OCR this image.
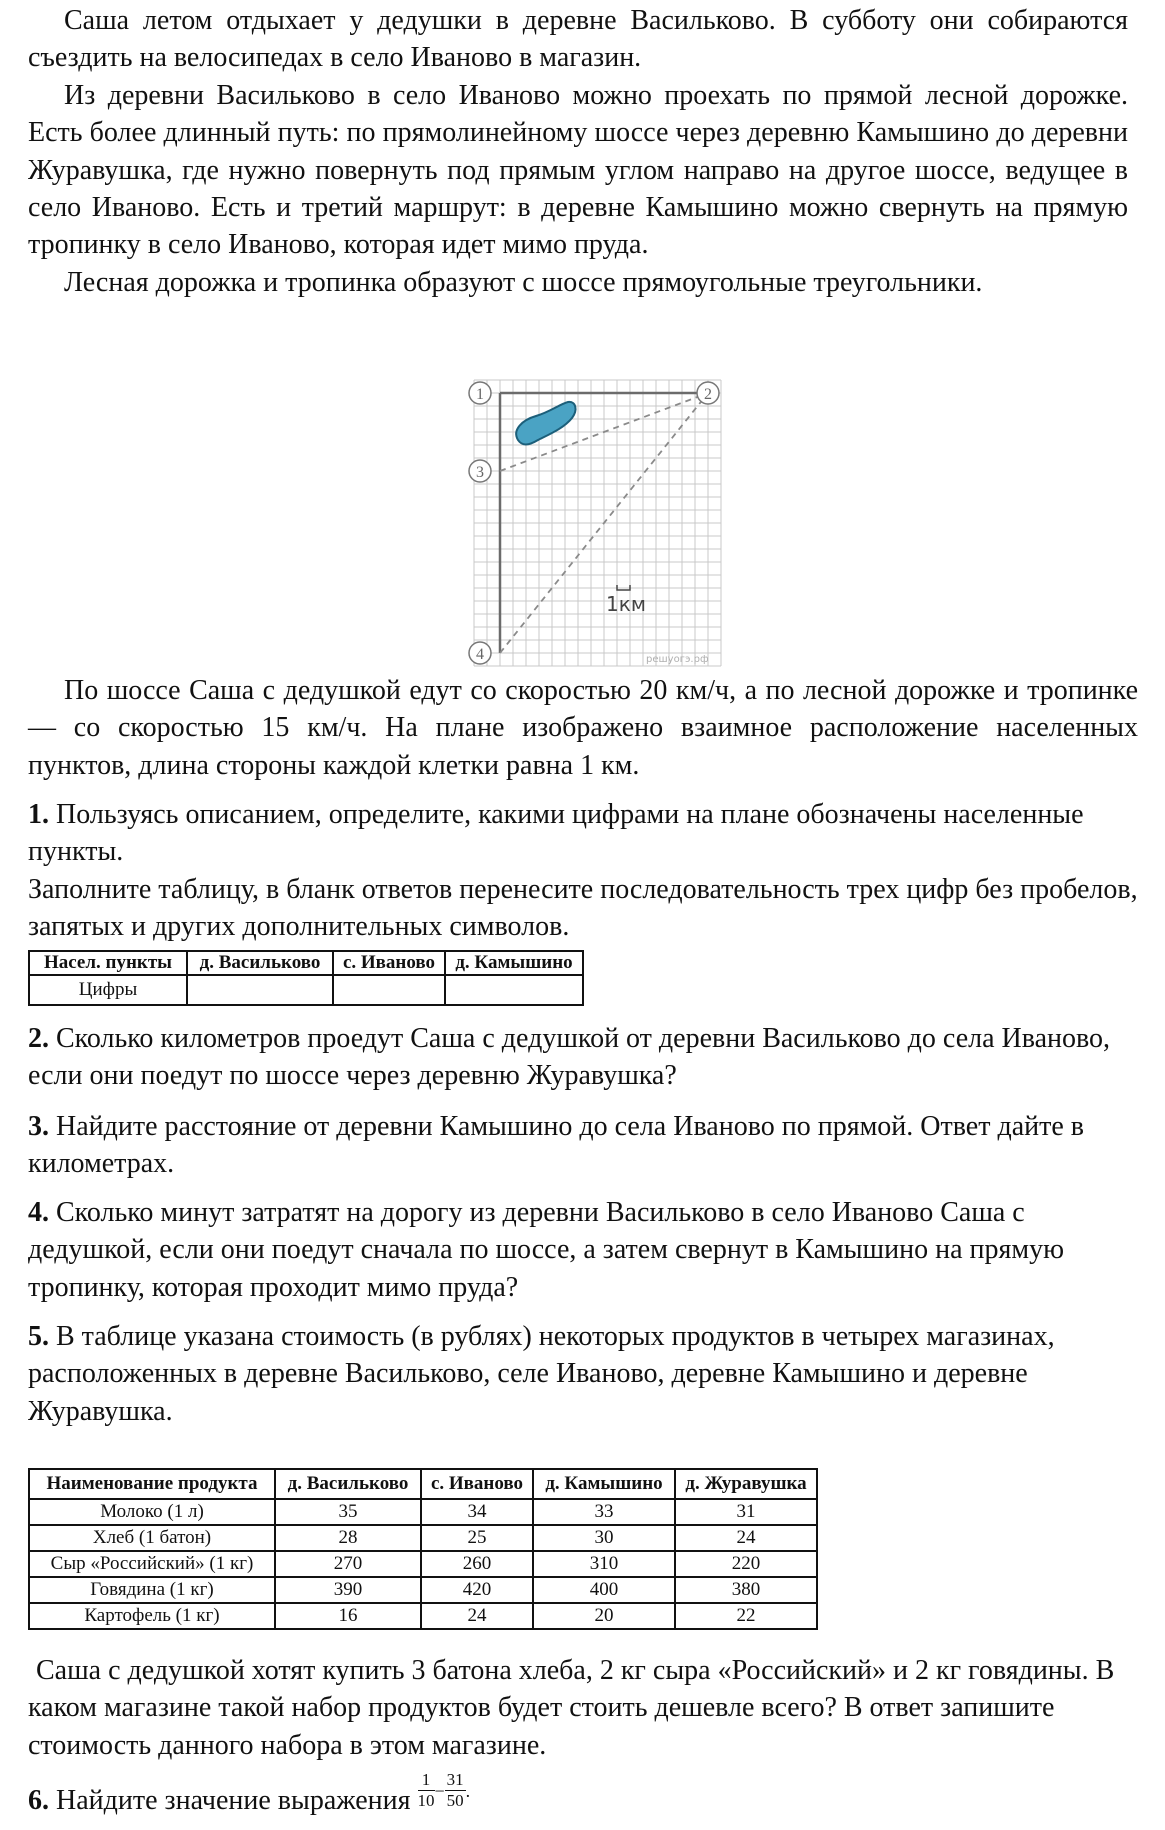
Саша летом отдыхает у дедушки в деревне Васильково. В субботу они собираются съездить на велосипедах в село Иваново в магазин.

Из деревни Васильково в село Иваново можно проехать по прямой лесной дорожке. Есть более длинный путь: по прямолинейному шоссе через деревню Камышино до деревни Журавушка, где нужно повернуть под прямым углом направо на другое шоссе, ведущее в село Иваново. Есть и третий маршрут: в деревне Камышино можно свернуть на прямую тропинку в село Иваново, которая идет мимо пруда.

Лесная дорожка и тропинка образуют с шоссе прямоугольные треугольники.

1	2
3
4
1км
решуогэ.рф

По шоссе Саша с дедушкой едут со скоростью 20 км/ч, а по лесной дорожке и тропинке — со скоростью 15 км/ч. На плане изображено взаимное расположение населенных пунктов, длина стороны каждой клетки равна 1 км.

1. Пользуясь описанием, определите, какими цифрами на плане обозначены населенные пункты.

Заполните таблицу, в бланк ответов перенесите последовательность трех цифр без пробелов, запятых и других дополнительных символов.

Насел. пункты	д. Васильково	с. Иваново	д. Камышино
Цифры			

2. Сколько километров проедут Саша с дедушкой от деревни Васильково до села Иваново, если они поедут по шоссе через деревню Журавушка?

3. Найдите расстояние от деревни Камышино до села Иваново по прямой. Ответ дайте в километрах.

4. Сколько минут затратят на дорогу из деревни Васильково в село Иваново Саша с дедушкой, если они поедут сначала по шоссе, а затем свернут в Камышино на прямую тропинку, которая проходит мимо пруда?

5. В таблице указана стоимость (в рублях) некоторых продуктов в четырех магазинах, расположенных в деревне Васильково, селе Иваново, деревне Камышино и деревне Журавушка.

Наименование продукта	д. Васильково	с. Иваново	д. Камышино	д. Журавушка
Молоко (1 л)	35	34	33	31
Хлеб (1 батон)	28	25	30	24
Сыр «Российский» (1 кг)	270	260	310	220
Говядина (1 кг)	390	420	400	380
Картофель (1 кг)	16	24	20	22

Саша с дедушкой хотят купить 3 батона хлеба, 2 кг сыра «Российский» и 2 кг говядины. В каком магазине такой набор продуктов будет стоить дешевле всего? В ответ запишите стоимость данного набора в этом магазине.

6. Найдите значение выражения $\frac{1}{10} ^- \frac{31}{50} ^.$
